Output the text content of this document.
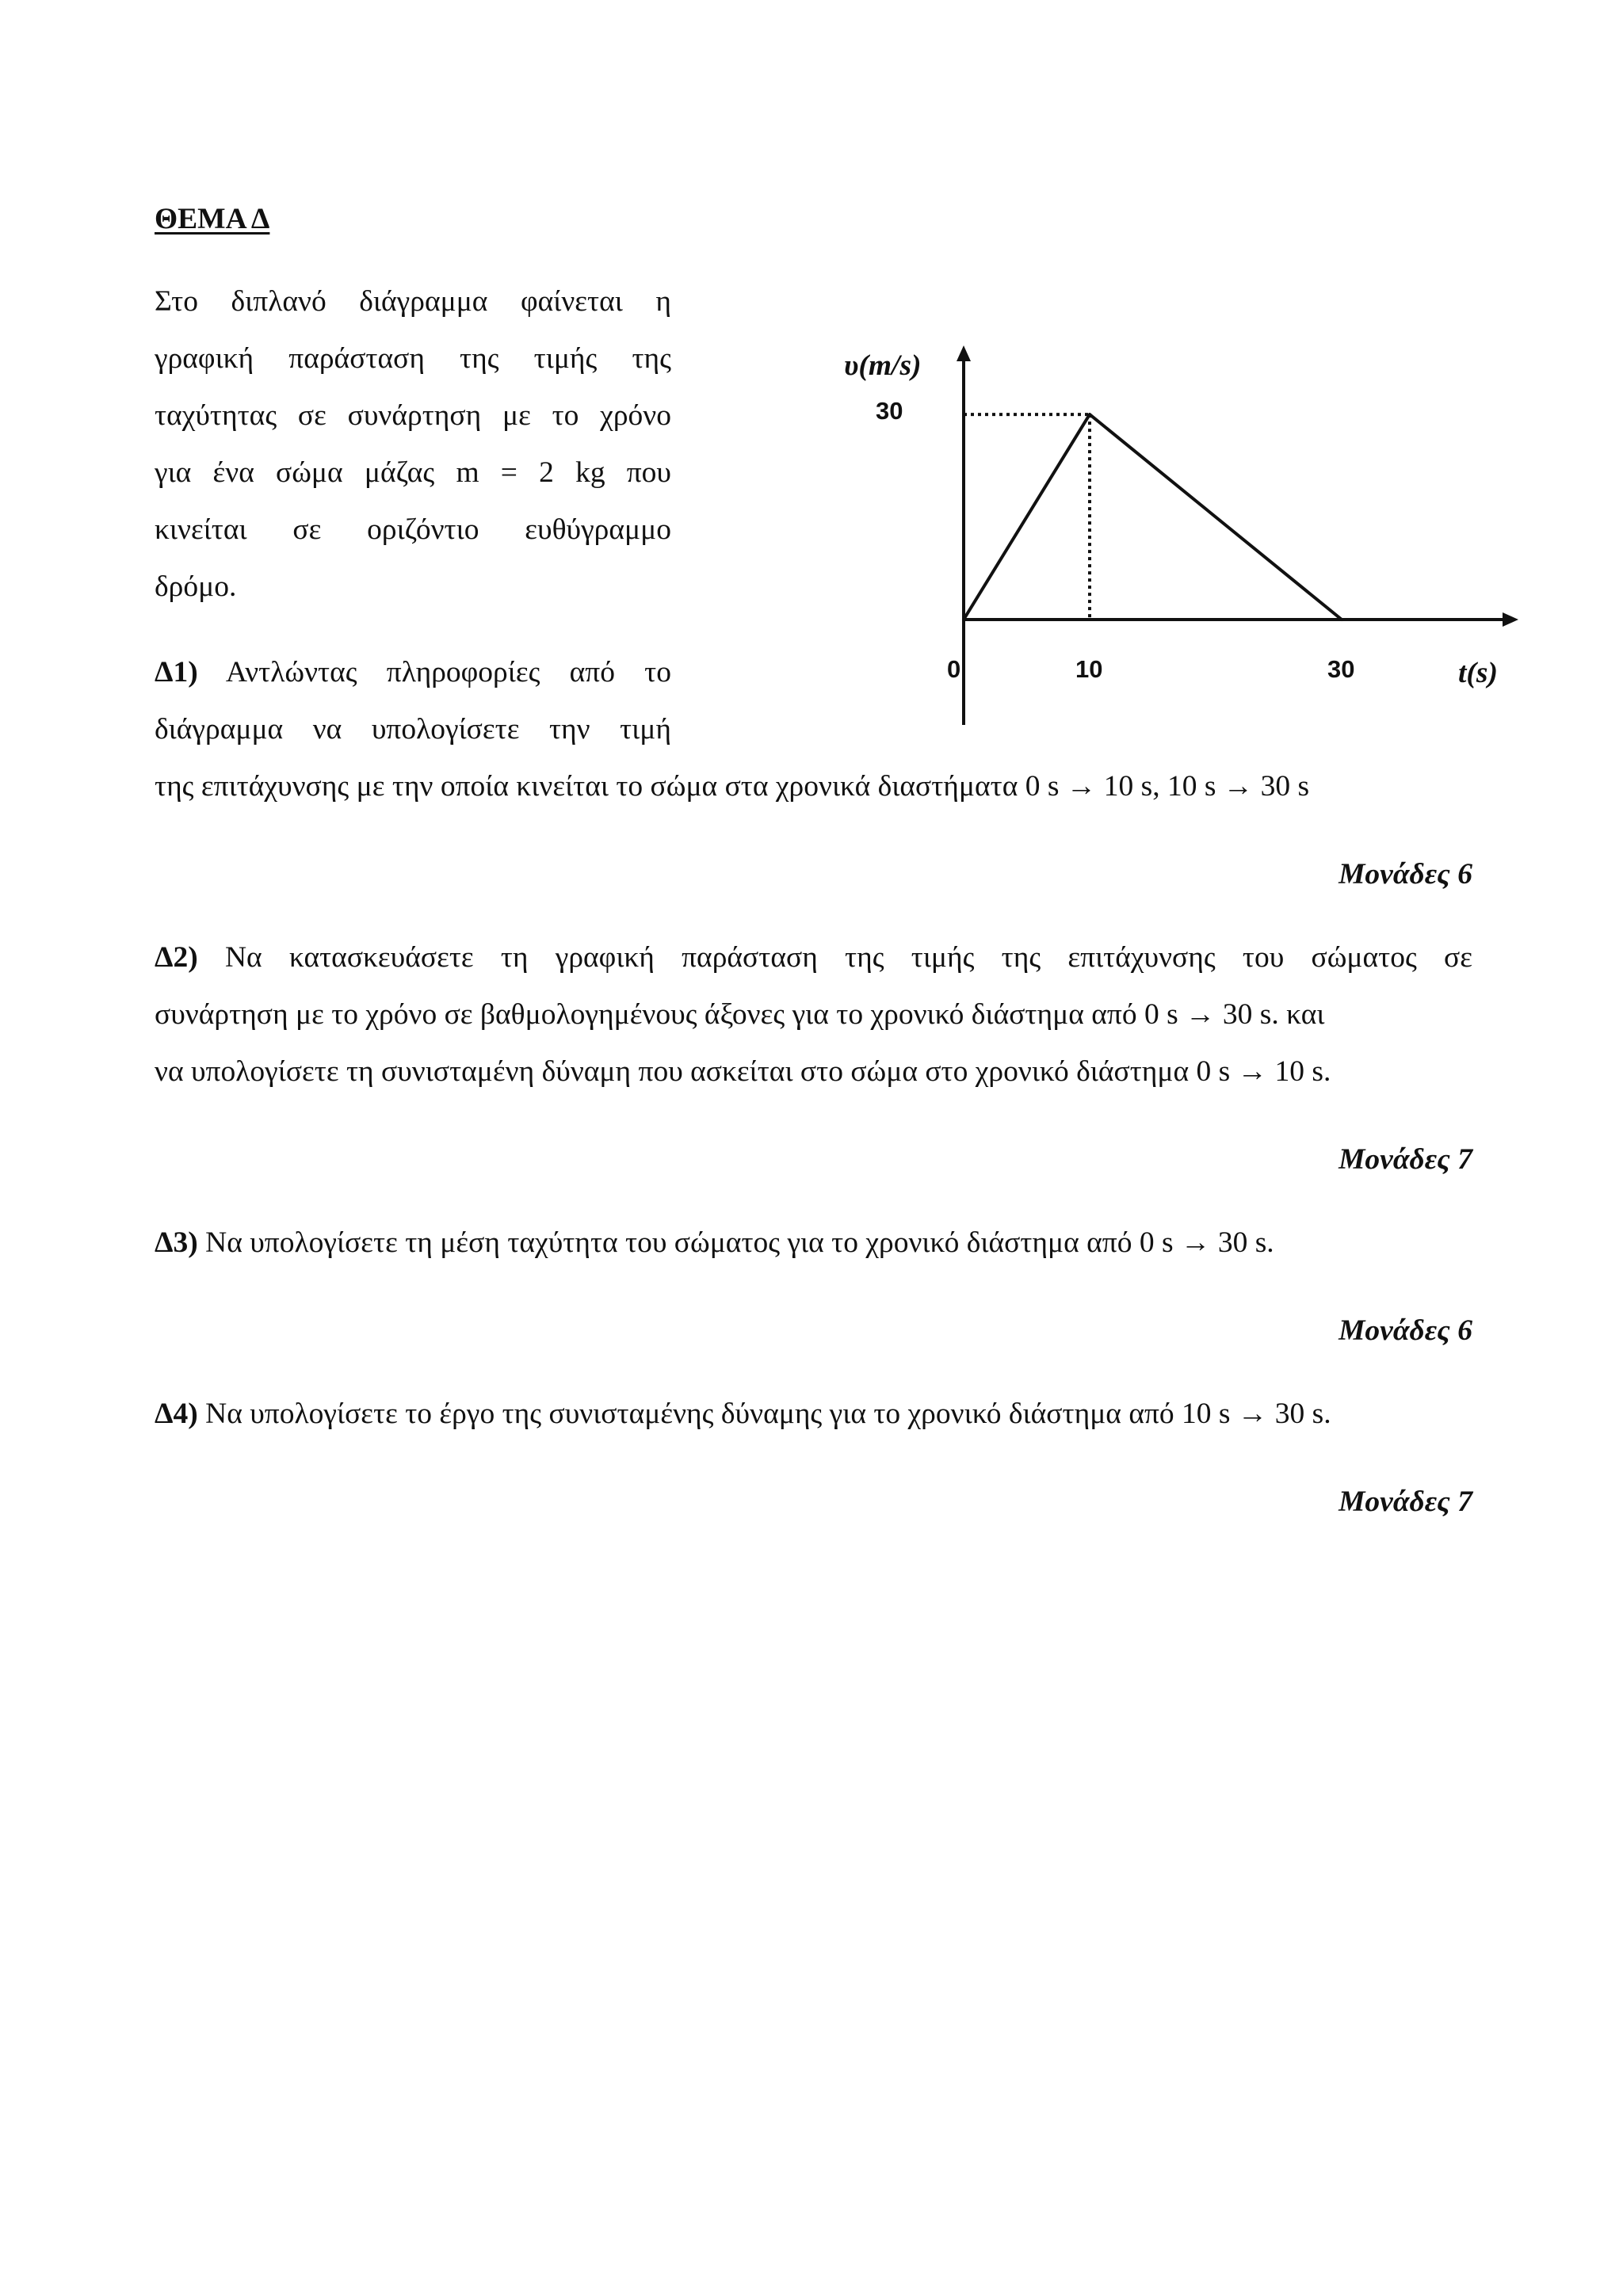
ΘΕΜΑ Δ
Στο διπλανό διάγραμμα φαίνεται η
γραφική παράσταση της τιμής της
ταχύτητας σε συνάρτηση με το χρόνο
για ένα σώμα μάζας m = 2 kg που
κινείται σε οριζόντιο ευθύγραμμο
δρόμο.
Δ1) Αντλώντας πληροφορίες από το
διάγραμμα να υπολογίσετε την τιμή
της επιτάχυνσης με την οποία κινείται το σώμα στα χρονικά διαστήματα 0 s → 10 s, 10 s → 30 s
Μονάδες 6
Δ2) Να κατασκευάσετε τη γραφική παράσταση της τιμής της επιτάχυνσης του σώματος σε
συνάρτηση με το χρόνο σε βαθμολογημένους άξονες για το χρονικό διάστημα από 0 s → 30 s. και
να υπολογίσετε τη συνισταμένη δύναμη που ασκείται στο σώμα στο χρονικό διάστημα 0 s → 10 s.
Μονάδες 7
Δ3) Να υπολογίσετε τη μέση ταχύτητα του σώματος για το χρονικό διάστημα από 0 s → 30 s.
Μονάδες 6
Δ4) Να υπολογίσετε το έργο της συνισταμένης δύναμης για το χρονικό διάστημα από 10 s → 30 s.
Μονάδες 7
υ(m/s)
t(s)
0	10	30
30
